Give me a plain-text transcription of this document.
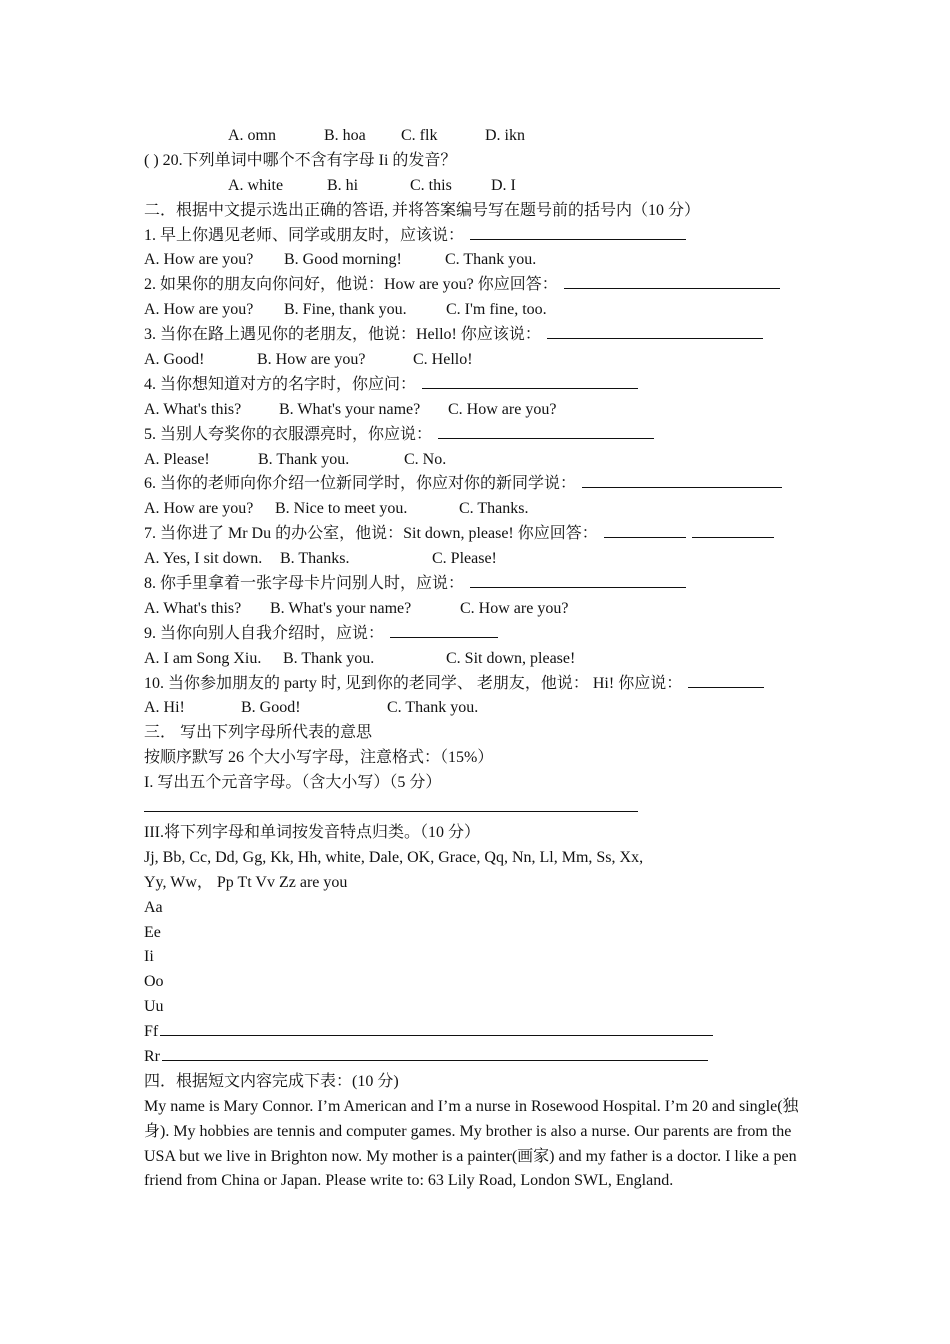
A. omn	B. hoa C. flk	D. ikn
( ) 20.下列单词中哪个不含有字母 Ii 的发音？
A. white	B. hi	C. this D. I
二．根据中文提示选出正确的答语, 并将答案编号写在题号前的括号内（10 分）
1. 早上你遇见老师、同学或朋友时，应该说：
A. How are you? B. Good morning!	C. Thank you.
2. 如果你的朋友向你问好，他说：How are you? 你应回答：
A. How are you? B. Fine, thank you. C. I'm fine, too.
3. 当你在路上遇见你的老朋友，他说：Hello! 你应该说：
A. Good!	B. How are you?	C. Hello!
4. 当你想知道对方的名字时，你应问：
A. What's this? B. What's your name? C. How are you?
5. 当别人夸奖你的衣服漂亮时，你应说：
A. Please!	B. Thank you.	C. No.
6. 当你的老师向你介绍一位新同学时，你应对你的新同学说：
A. How are you? B. Nice to meet you.	C. Thanks.
7. 当你进了 Mr Du 的办公室，他说：Sit down, please! 你应回答：
A. Yes, I sit down. B. Thanks.	C. Please!
8. 你手里拿着一张字母卡片问别人时，应说：
A. What's this? B. What's your name?	C. How are you?
9. 当你向别人自我介绍时，应说：
A. I am Song Xiu. B. Thank you.	C. Sit down, please!
10. 当你参加朋友的 party 时, 见到你的老同学、 老朋友，他说： Hi! 你应说：
A. Hi!	B. Good!	C. Thank you.
三． 写出下列字母所代表的意思
按顺序默写 26 个大小写字母，注意格式：（15%）
I. 写出五个元音字母。（含大小写）（5 分）
III.将下列字母和单词按发音特点归类。（10 分）
Jj, Bb, Cc, Dd, Gg, Kk, Hh, white, Dale, OK, Grace, Qq, Nn, Ll, Mm, Ss, Xx,
Yy, Ww， Pp Tt Vv Zz are you
Aa
Ee
Ii
Oo
Uu
Ff
Rr
四．根据短文内容完成下表：(10 分)
My name is Mary Connor. I’m American and I’m a nurse in Rosewood Hospital. I’m 20 and single(独身). My hobbies are tennis and computer games. My brother is also a nurse. Our parents are from the USA but we live in Brighton now. My mother is a painter(画家) and my father is a doctor. I like a pen friend from China or Japan. Please write to: 63 Lily Road, London SWL, England.
